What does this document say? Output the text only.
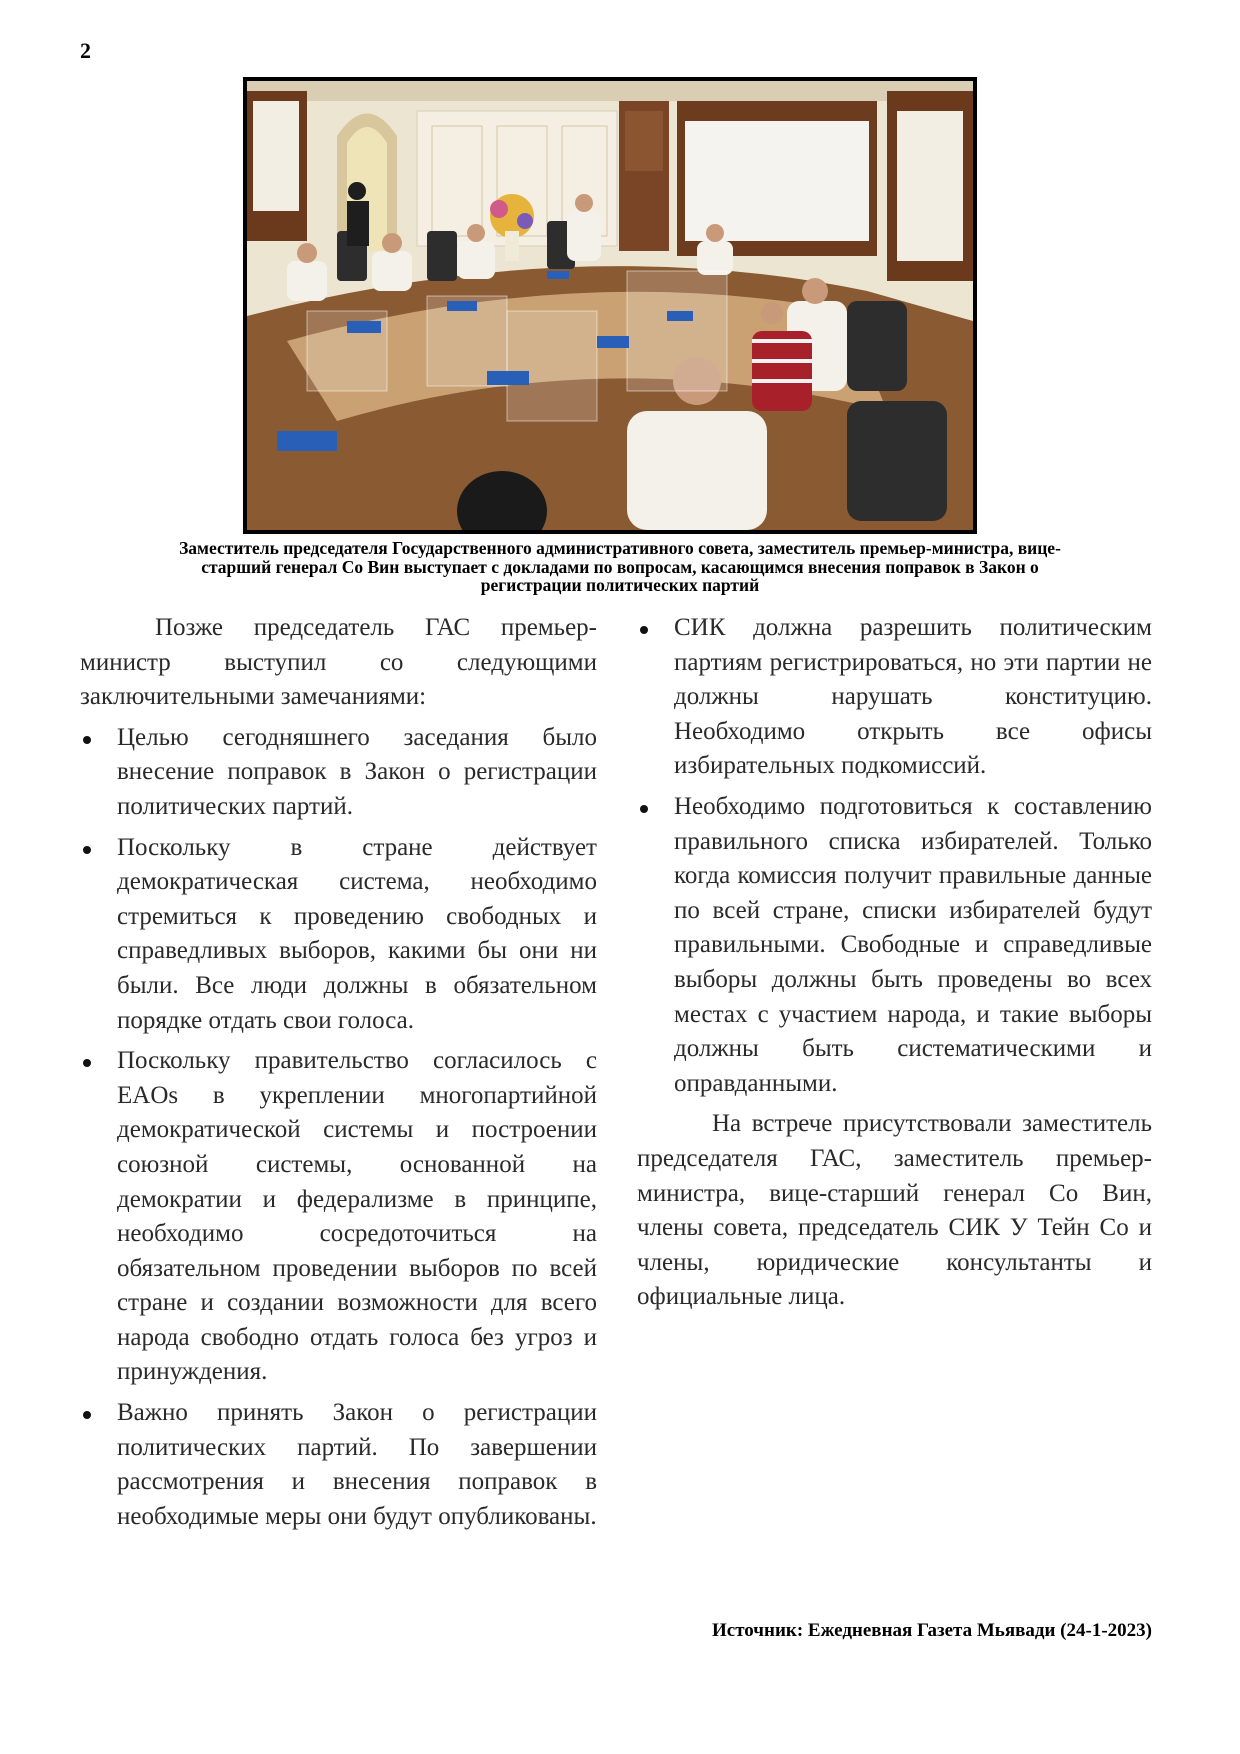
2
Заместитель председателя Государственного административного совета, заместитель премьер-министра, вице-
старший генерал Со Вин выступает с докладами по вопросам, касающимся внесения поправок в Закон о
регистрации политических партий

Позже председатель ГАС премьер-министр выступил со следующими заключительными замечаниями:

Целью сегодняшнего заседания было внесение поправок в Закон о регистрации политических партий.
Поскольку в стране действует демократическая система, необходимо стремиться к проведению свободных и справедливых выборов, какими бы они ни были. Все люди должны в обязательном порядке отдать свои голоса.
Поскольку правительство согласилось с EAOs в укреплении многопартийной демократической системы и построении союзной системы, основанной на демократии и федерализме в принципе, необходимо сосредоточиться на обязательном проведении выборов по всей стране и создании возможности для всего народа свободно отдать голоса без угроз и принуждения.
Важно принять Закон о регистрации политических партий. По завершении рассмотрения и внесения поправок в необходимые меры они будут опубликованы.
СИК должна разрешить политическим партиям регистрироваться, но эти партии не должны нарушать конституцию. Необходимо открыть все офисы избирательных подкомиссий.
Необходимо подготовиться к составлению правильного списка избирателей. Только когда комиссия получит правильные данные по всей стране, списки избирателей будут правильными. Свободные и справедливые выборы должны быть проведены во всех местах с участием народа, и такие выборы должны быть систематическими и оправданными.

На встрече присутствовали заместитель председателя ГАС, заместитель премьер-министра, вице-старший генерал Со Вин, члены совета, председатель СИК У Тейн Со и члены, юридические консультанты и официальные лица.

Источник: Ежедневная Газета Мьявади (24-1-2023)
